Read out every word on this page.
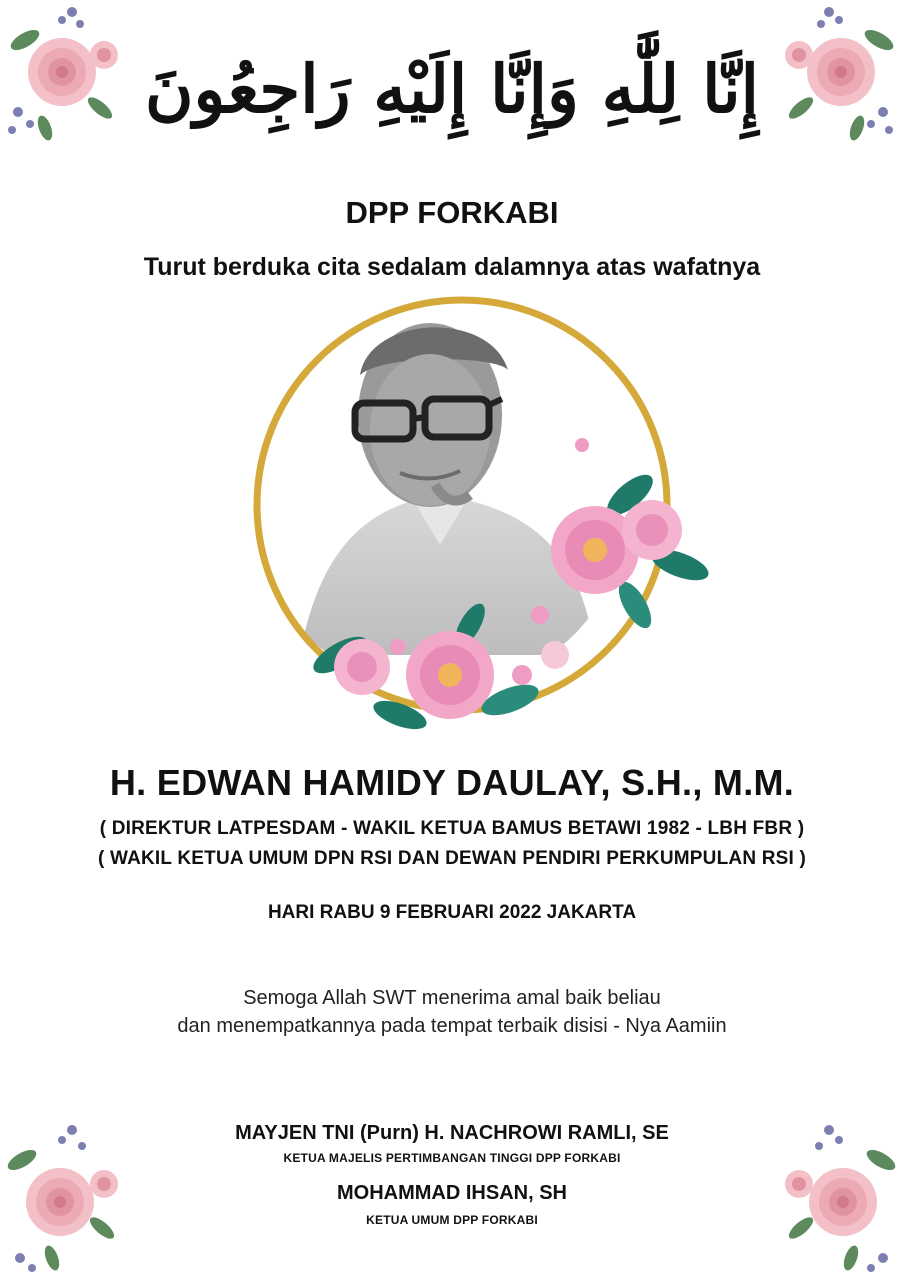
إِنَّا لِلَّٰهِ وَإِنَّا إِلَيْهِ رَاجِعُونَ
DPP FORKABI
Turut berduka cita sedalam dalamnya atas wafatnya
H. EDWAN HAMIDY DAULAY, S.H., M.M.
( DIREKTUR LATPESDAM - WAKIL KETUA BAMUS BETAWI 1982 - LBH FBR )
( WAKIL KETUA UMUM DPN RSI DAN DEWAN PENDIRI PERKUMPULAN RSI )
HARI RABU 9 FEBRUARI 2022 JAKARTA
Semoga Allah SWT menerima amal baik beliau
dan menempatkannya pada tempat terbaik disisi - Nya Aamiin
MAYJEN TNI (Purn) H. NACHROWI RAMLI, SE
KETUA MAJELIS PERTIMBANGAN TINGGI DPP FORKABI
MOHAMMAD IHSAN, SH
KETUA UMUM DPP FORKABI
